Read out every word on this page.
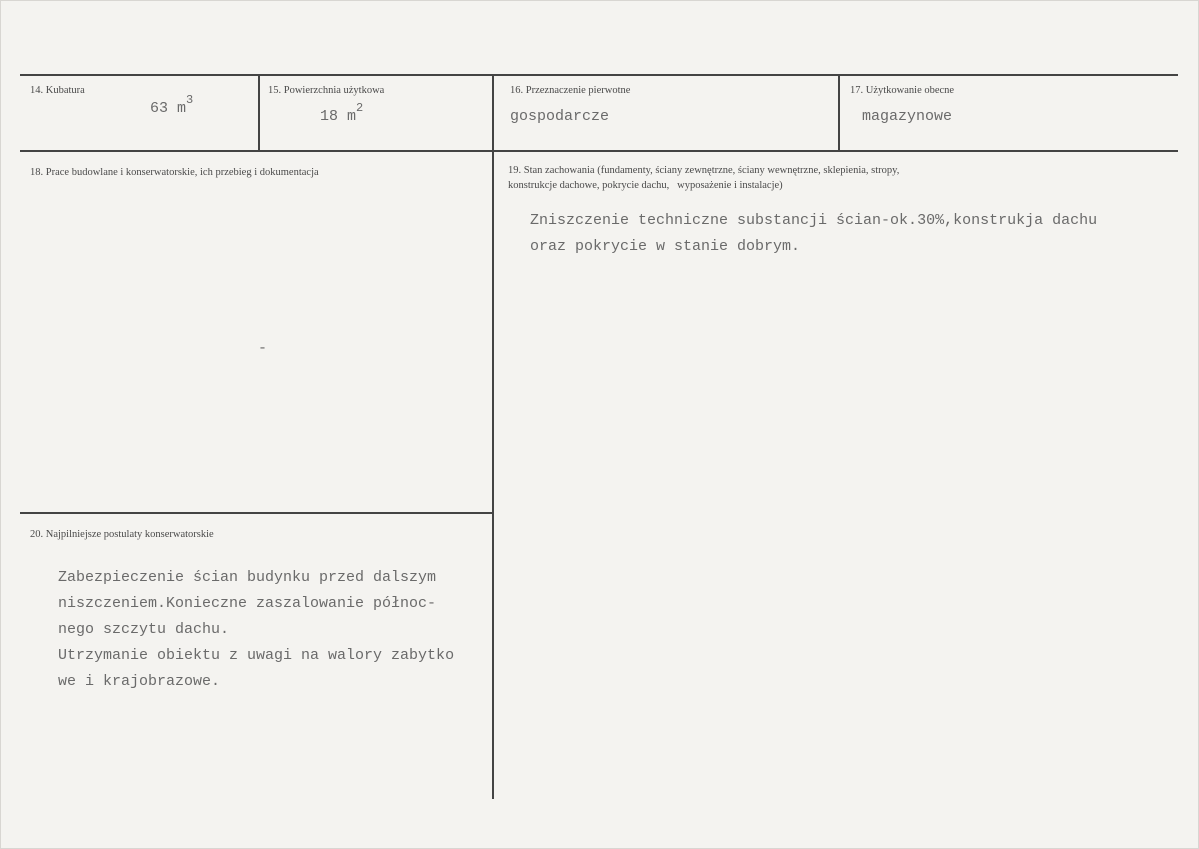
14. Kubatura
63 $m^3$
15. Powierzchnia użytkowa
18 $m^2$
16. Przeznaczenie pierwotne
gospodarcze
17. Użytkowanie obecne
magazynowe
18. Prace budowlane i konserwatorskie, ich przebieg i dokumentacja
-
19. Stan zachowania (fundamenty, ściany zewnętrzne, ściany wewnętrzne, sklepienia, stropy,
konstrukcje dachowe, pokrycie dachu,   wyposażenie i instalacje)
Zniszczenie techniczne substancji ścian-ok.30%,konstrukja dachu
oraz pokrycie w stanie dobrym.
20. Najpilniejsze postulaty konserwatorskie
Zabezpieczenie ścian budynku przed dalszym
niszczeniem.Konieczne zaszalowanie północ-
nego szczytu dachu.
Utrzymanie obiektu z uwagi na walory zabytko
we i krajobrazowe.
